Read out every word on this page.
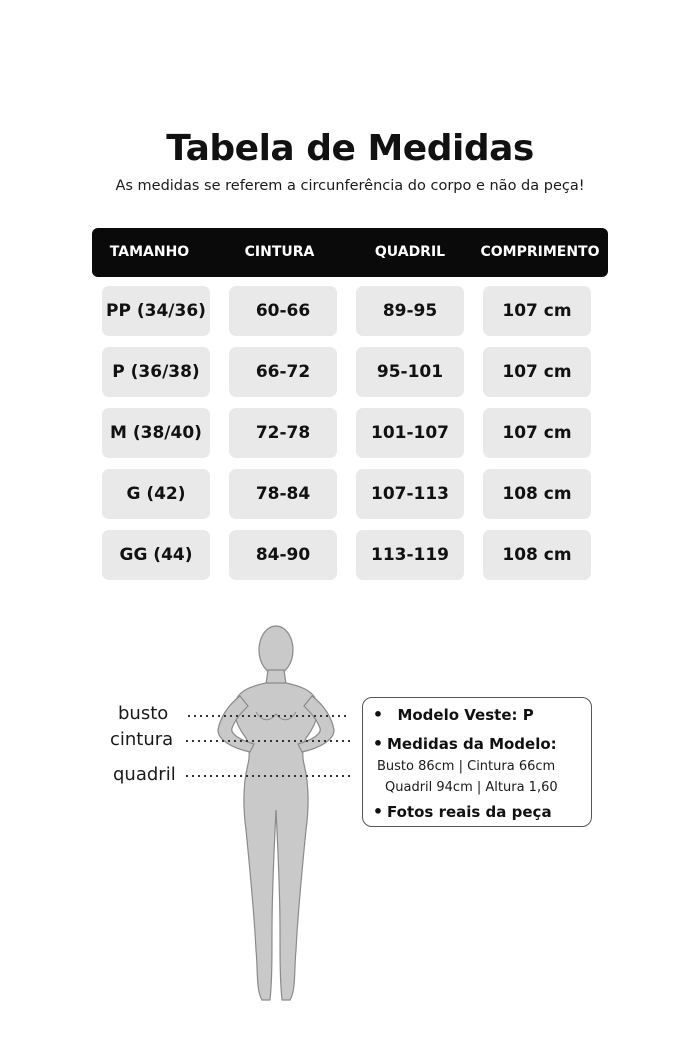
Tabela de Medidas
As medidas se referem a circunferência do corpo e não da peça!
TAMANHO	CINTURA	QUADRIL	COMPRIMENTO
PP (34/36)	60-66	89-95	107 cm
P (36/38)	66-72	95-101	107 cm
M (38/40)	72-78	101-107	107 cm
G (42)	78-84	107-113	108 cm
GG (44)	84-90	113-119	108 cm
busto
cintura
quadril
• Modelo Veste: P
• Medidas da Modelo:
Busto 86cm | Cintura 66cm
Quadril 94cm | Altura 1,60
• Fotos reais da peça
